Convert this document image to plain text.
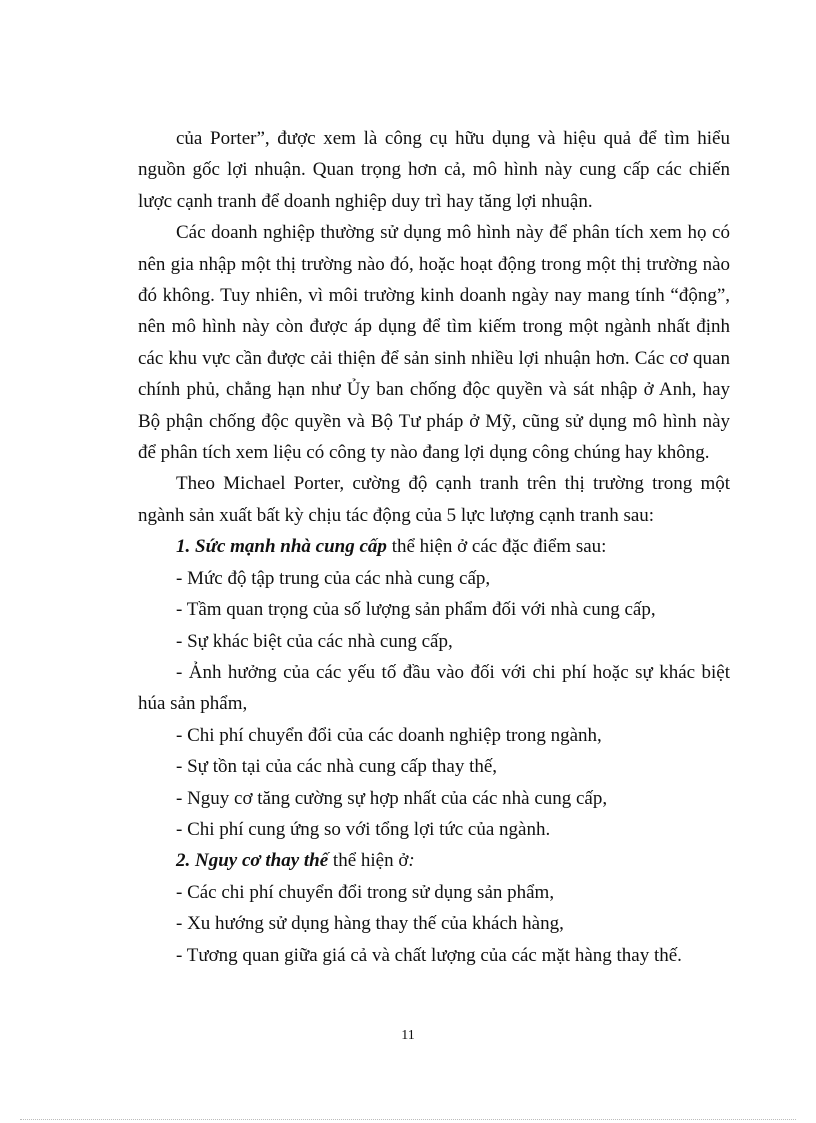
của Porter”, được xem là công cụ hữu dụng và hiệu quả để tìm hiểu nguồn gốc lợi nhuận. Quan trọng hơn cả, mô hình này cung cấp các chiến lược cạnh tranh để doanh nghiệp duy trì hay tăng lợi nhuận.

Các doanh nghiệp thường sử dụng mô hình này để phân tích xem họ có nên gia nhập một thị trường nào đó, hoặc hoạt động trong một thị trường nào đó không. Tuy nhiên, vì môi trường kinh doanh ngày nay mang tính “động”, nên mô hình này còn được áp dụng để tìm kiếm trong một ngành nhất định các khu vực cần được cải thiện để sản sinh nhiều lợi nhuận hơn. Các cơ quan chính phủ, chẳng hạn như Ủy ban chống độc quyền và sát nhập ở Anh, hay Bộ phận chống độc quyền và Bộ Tư pháp ở Mỹ, cũng sử dụng mô hình này để phân tích xem liệu có công ty nào đang lợi dụng công chúng hay không.

Theo Michael Porter, cường độ cạnh tranh trên thị trường trong một ngành sản xuất bất kỳ chịu tác động của 5 lực lượng cạnh tranh sau:

1. Sức mạnh nhà cung cấp thể hiện ở các đặc điểm sau:

- Mức độ tập trung của các nhà cung cấp,

- Tầm quan trọng của số lượng sản phẩm đối với nhà cung cấp,

- Sự khác biệt của các nhà cung cấp,

- Ảnh hưởng của các yếu tố đầu vào đối với chi phí hoặc sự khác biệt húa sản phẩm,

- Chi phí chuyển đổi của các doanh nghiệp trong ngành,

- Sự tồn tại của các nhà cung cấp thay thế,

- Nguy cơ tăng cường sự hợp nhất của các nhà cung cấp,

- Chi phí cung ứng so với tổng lợi tức của ngành.

2. Nguy cơ thay thế thể hiện ở:

- Các chi phí chuyển đổi trong sử dụng sản phẩm,

- Xu hướng sử dụng hàng thay thế của khách hàng,

- Tương quan giữa giá cả và chất lượng của các mặt hàng thay thế.

11
